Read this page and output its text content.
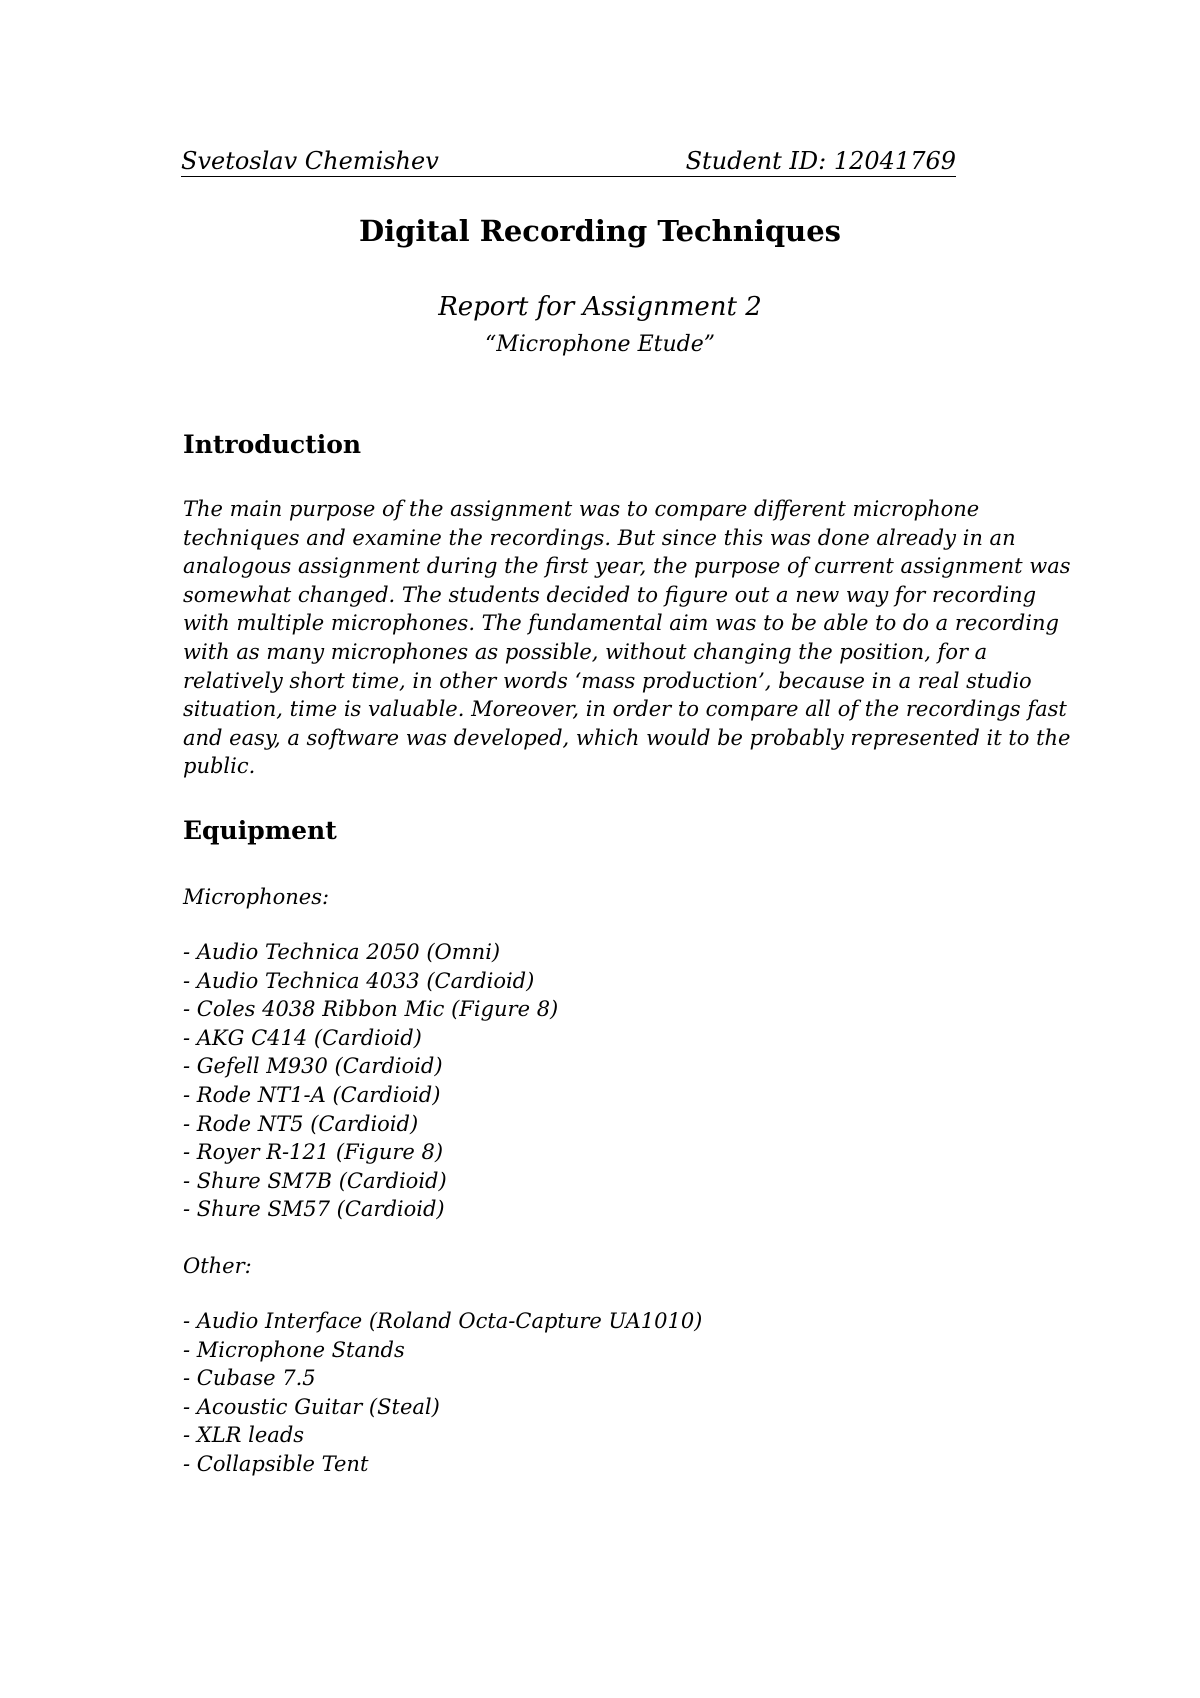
Svetoslav Chemishev	Student ID: 12041769
Digital Recording Techniques
Report for Assignment 2
“Microphone Etude”
Introduction
The main purpose of the assignment was to compare different microphone
techniques and examine the recordings. But since this was done already in an
analogous assignment during the first year, the purpose of current assignment was
somewhat changed. The students decided to figure out a new way for recording
with multiple microphones. The fundamental aim was to be able to do a recording
with as many microphones as possible, without changing the position, for a
relatively short time, in other words ‘mass production’, because in a real studio
situation, time is valuable. Moreover, in order to compare all of the recordings fast
and easy, a software was developed, which would be probably represented it to the
public.
Equipment
Microphones:
- Audio Technica 2050 (Omni)
- Audio Technica 4033 (Cardioid)
- Coles 4038 Ribbon Mic (Figure 8)
- AKG C414 (Cardioid)
- Gefell M930 (Cardioid)
- Rode NT1-A (Cardioid)
- Rode NT5 (Cardioid)
- Royer R-121 (Figure 8)
- Shure SM7B (Cardioid)
- Shure SM57 (Cardioid)
Other:
- Audio Interface (Roland Octa-Capture UA1010)
- Microphone Stands
- Cubase 7.5
- Acoustic Guitar (Steal)
- XLR leads
- Collapsible Tent
